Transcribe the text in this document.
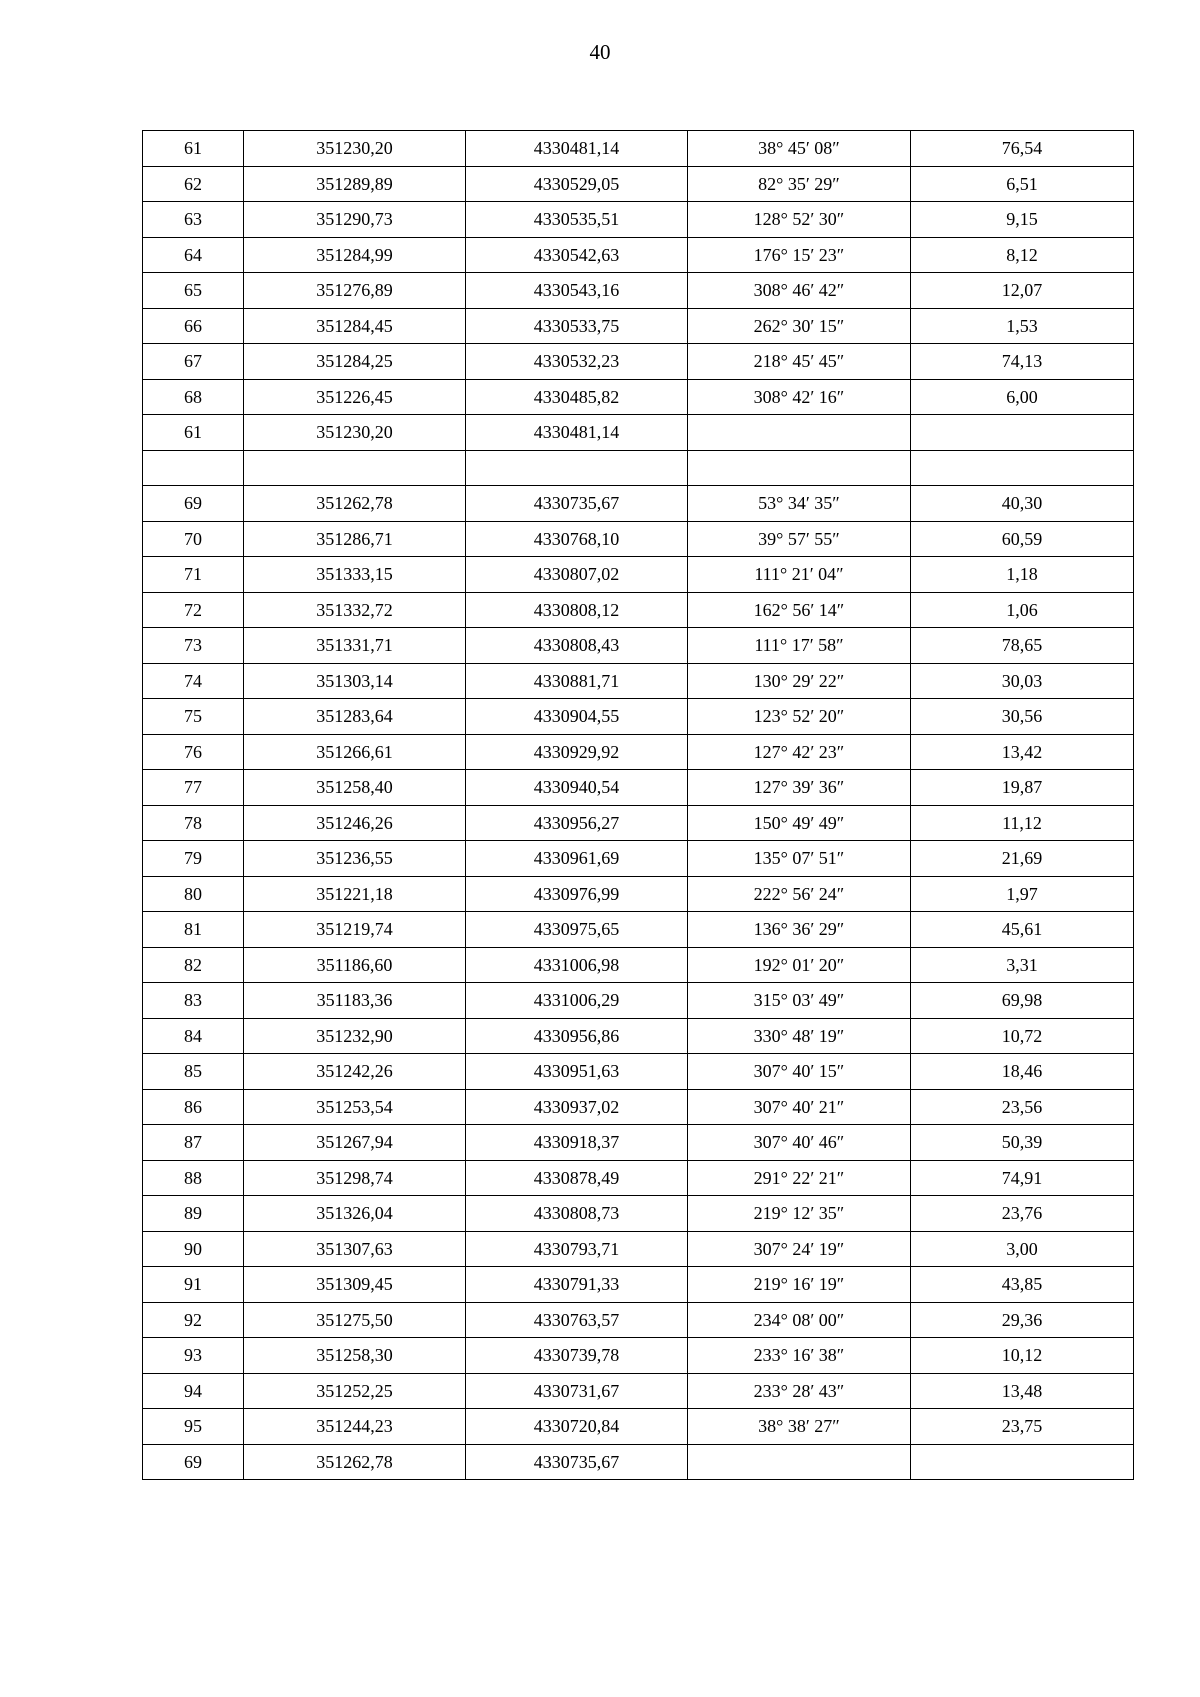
40
61	351230,20	4330481,14	38° 45′ 08″	76,54
62	351289,89	4330529,05	82° 35′ 29″	6,51
63	351290,73	4330535,51	128° 52′ 30″	9,15
64	351284,99	4330542,63	176° 15′ 23″	8,12
65	351276,89	4330543,16	308° 46′ 42″	12,07
66	351284,45	4330533,75	262° 30′ 15″	1,53
67	351284,25	4330532,23	218° 45′ 45″	74,13
68	351226,45	4330485,82	308° 42′ 16″	6,00
61	351230,20	4330481,14		

69	351262,78	4330735,67	53° 34′ 35″	40,30
70	351286,71	4330768,10	39° 57′ 55″	60,59
71	351333,15	4330807,02	111° 21′ 04″	1,18
72	351332,72	4330808,12	162° 56′ 14″	1,06
73	351331,71	4330808,43	111° 17′ 58″	78,65
74	351303,14	4330881,71	130° 29′ 22″	30,03
75	351283,64	4330904,55	123° 52′ 20″	30,56
76	351266,61	4330929,92	127° 42′ 23″	13,42
77	351258,40	4330940,54	127° 39′ 36″	19,87
78	351246,26	4330956,27	150° 49′ 49″	11,12
79	351236,55	4330961,69	135° 07′ 51″	21,69
80	351221,18	4330976,99	222° 56′ 24″	1,97
81	351219,74	4330975,65	136° 36′ 29″	45,61
82	351186,60	4331006,98	192° 01′ 20″	3,31
83	351183,36	4331006,29	315° 03′ 49″	69,98
84	351232,90	4330956,86	330° 48′ 19″	10,72
85	351242,26	4330951,63	307° 40′ 15″	18,46
86	351253,54	4330937,02	307° 40′ 21″	23,56
87	351267,94	4330918,37	307° 40′ 46″	50,39
88	351298,74	4330878,49	291° 22′ 21″	74,91
89	351326,04	4330808,73	219° 12′ 35″	23,76
90	351307,63	4330793,71	307° 24′ 19″	3,00
91	351309,45	4330791,33	219° 16′ 19″	43,85
92	351275,50	4330763,57	234° 08′ 00″	29,36
93	351258,30	4330739,78	233° 16′ 38″	10,12
94	351252,25	4330731,67	233° 28′ 43″	13,48
95	351244,23	4330720,84	38° 38′ 27″	23,75
69	351262,78	4330735,67		
